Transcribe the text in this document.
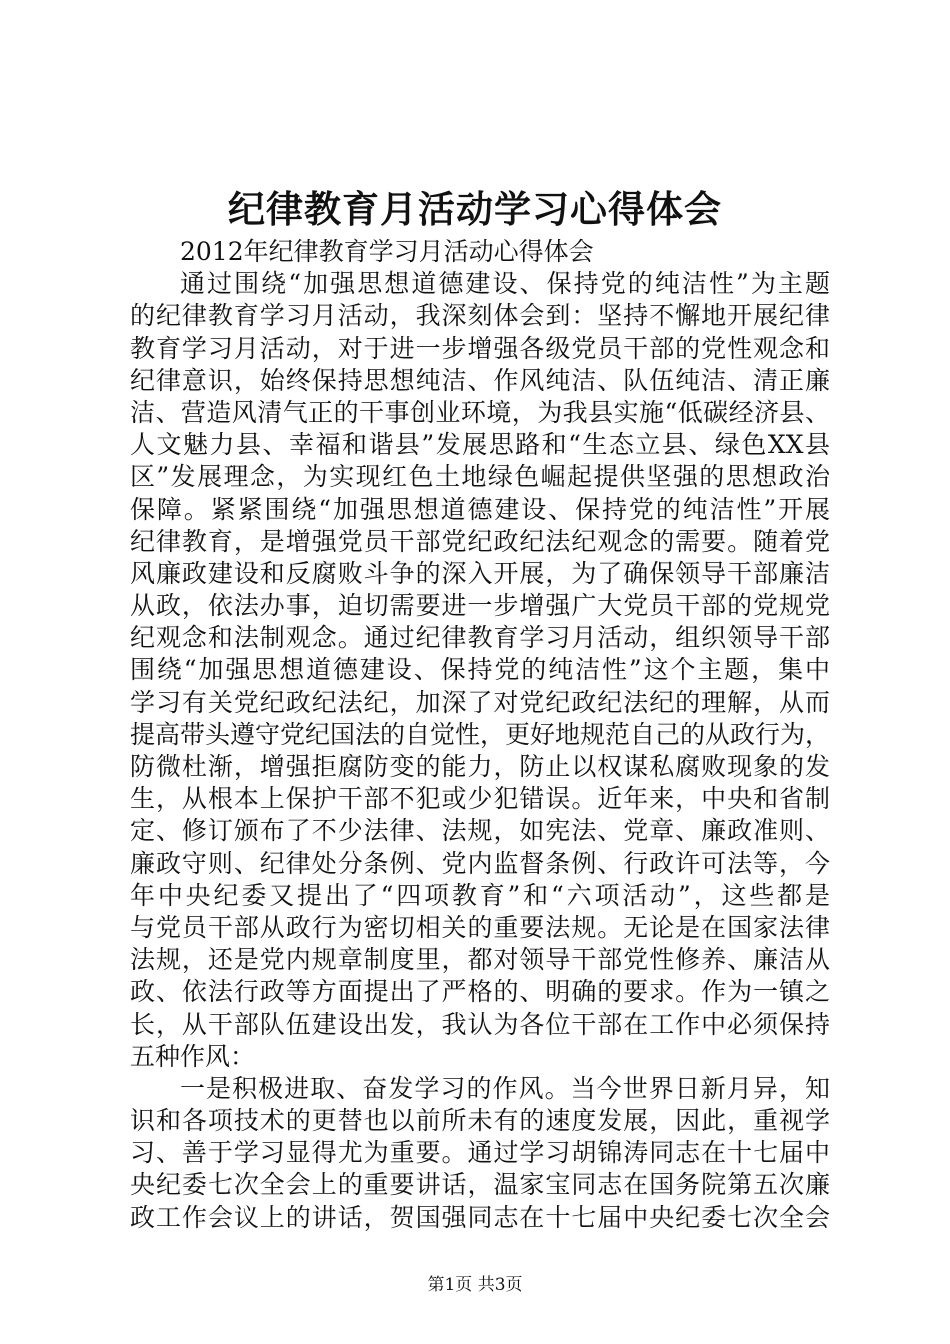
纪律教育月活动学习心得体会
2012年纪律教育学习月活动心得体会
通过围绕“加强思想道德建设、保持党的纯洁性”为主题
的纪律教育学习月活动，我深刻体会到：坚持不懈地开展纪律
教育学习月活动，对于进一步增强各级党员干部的党性观念和
纪律意识，始终保持思想纯洁、作风纯洁、队伍纯洁、清正廉
洁、营造风清气正的干事创业环境，为我县实施“低碳经济县、
人文魅力县、幸福和谐县”发展思路和“生态立县、绿色XX县
区”发展理念，为实现红色土地绿色崛起提供坚强的思想政治
保障。紧紧围绕“加强思想道德建设、保持党的纯洁性”开展
纪律教育，是增强党员干部党纪政纪法纪观念的需要。随着党
风廉政建设和反腐败斗争的深入开展，为了确保领导干部廉洁
从政，依法办事，迫切需要进一步增强广大党员干部的党规党
纪观念和法制观念。通过纪律教育学习月活动，组织领导干部
围绕“加强思想道德建设、保持党的纯洁性”这个主题，集中
学习有关党纪政纪法纪，加深了对党纪政纪法纪的理解，从而
提高带头遵守党纪国法的自觉性，更好地规范自己的从政行为，
防微杜渐，增强拒腐防变的能力，防止以权谋私腐败现象的发
生，从根本上保护干部不犯或少犯错误。近年来，中央和省制
定、修订颁布了不少法律、法规，如宪法、党章、廉政准则、
廉政守则、纪律处分条例、党内监督条例、行政许可法等，今
年中央纪委又提出了“四项教育”和“六项活动”，这些都是
与党员干部从政行为密切相关的重要法规。无论是在国家法律
法规，还是党内规章制度里，都对领导干部党性修养、廉洁从
政、依法行政等方面提出了严格的、明确的要求。作为一镇之
长，从干部队伍建设出发，我认为各位干部在工作中必须保持
五种作风：
一是积极进取、奋发学习的作风。当今世界日新月异，知
识和各项技术的更替也以前所未有的速度发展，因此，重视学
习、善于学习显得尤为重要。通过学习胡锦涛同志在十七届中
央纪委七次全会上的重要讲话，温家宝同志在国务院第五次廉
政工作会议上的讲话，贺国强同志在十七届中央纪委七次全会
第1页 共3页
